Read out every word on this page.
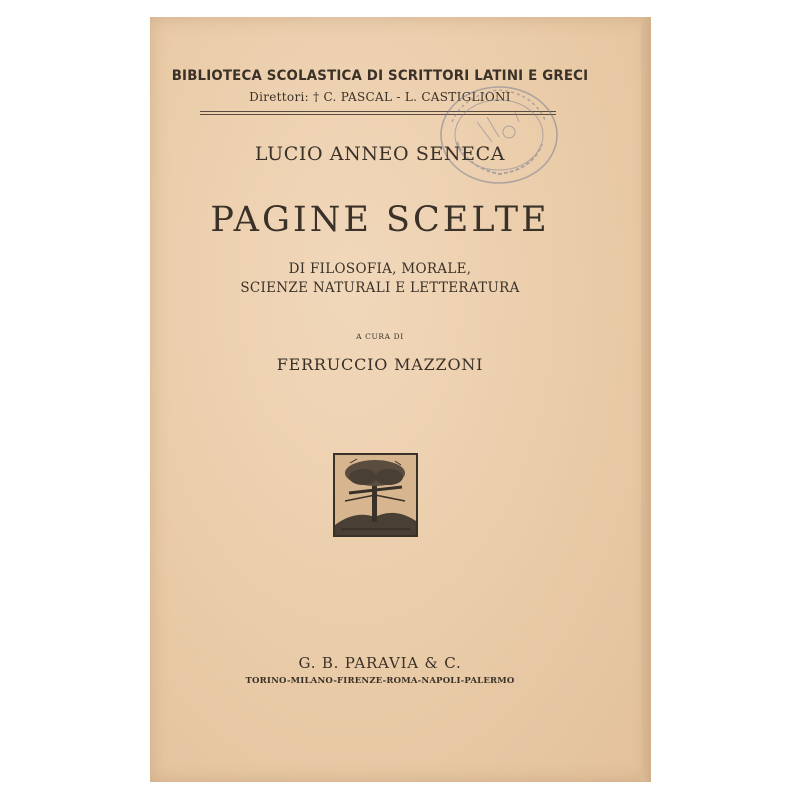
BIBLIOTECA SCOLASTICA DI SCRITTORI LATINI E GRECI
Direttori: † C. PASCAL - L. CASTIGLIONI
LUCIO ANNEO SENECA
PAGINE SCELTE
DI FILOSOFIA, MORALE,
SCIENZE NATURALI E LETTERATURA
A CURA DI
FERRUCCIO MAZZONI
G. B. PARAVIA & C.
TORINO-MILANO-FIRENZE-ROMA-NAPOLI-PALERMO
